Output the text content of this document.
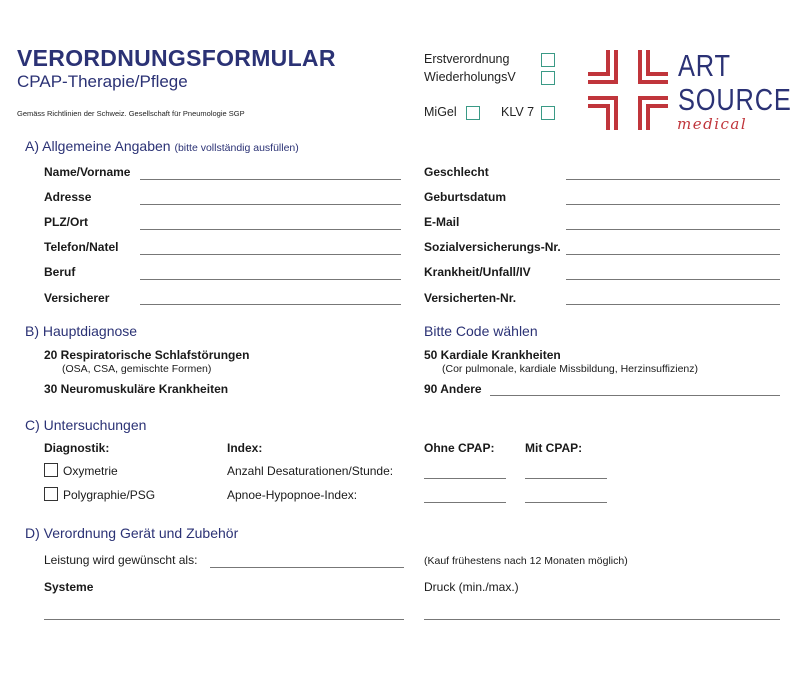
VERORDNUNGSFORMULAR
CPAP-Therapie/Pflege
Gemäss Richtlinien der Schweiz. Gesellschaft für Pneumologie SGP
Erstverordnung
WiederholungsV
MiGel	KLV 7
ART
SOURCE
medical
A) Allgemeine Angaben (bitte vollständig ausfüllen)
Name/Vorname
Adresse
PLZ/Ort
Telefon/Natel
Beruf
Versicherer
Geschlecht
Geburtsdatum
E-Mail
Sozialversicherungs-Nr.
Krankheit/Unfall/IV
Versicherten-Nr.
B) Hauptdiagnose	Bitte Code wählen
20 Respiratorische Schlafstörungen
(OSA, CSA, gemischte Formen)
30 Neuromuskuläre Krankheiten
50 Kardiale Krankheiten
(Cor pulmonale, kardiale Missbildung, Herzinsuffizienz)
90 Andere
C) Untersuchungen
Diagnostik:	Index:	Ohne CPAP:	Mit CPAP:
Oxymetrie	Anzahl Desaturationen/Stunde:
Polygraphie/PSG	Apnoe-Hypopnoe-Index:
D) Verordnung Gerät und Zubehör
Leistung wird gewünscht als:	(Kauf frühestens nach 12 Monaten möglich)
Systeme	Druck (min./max.)
